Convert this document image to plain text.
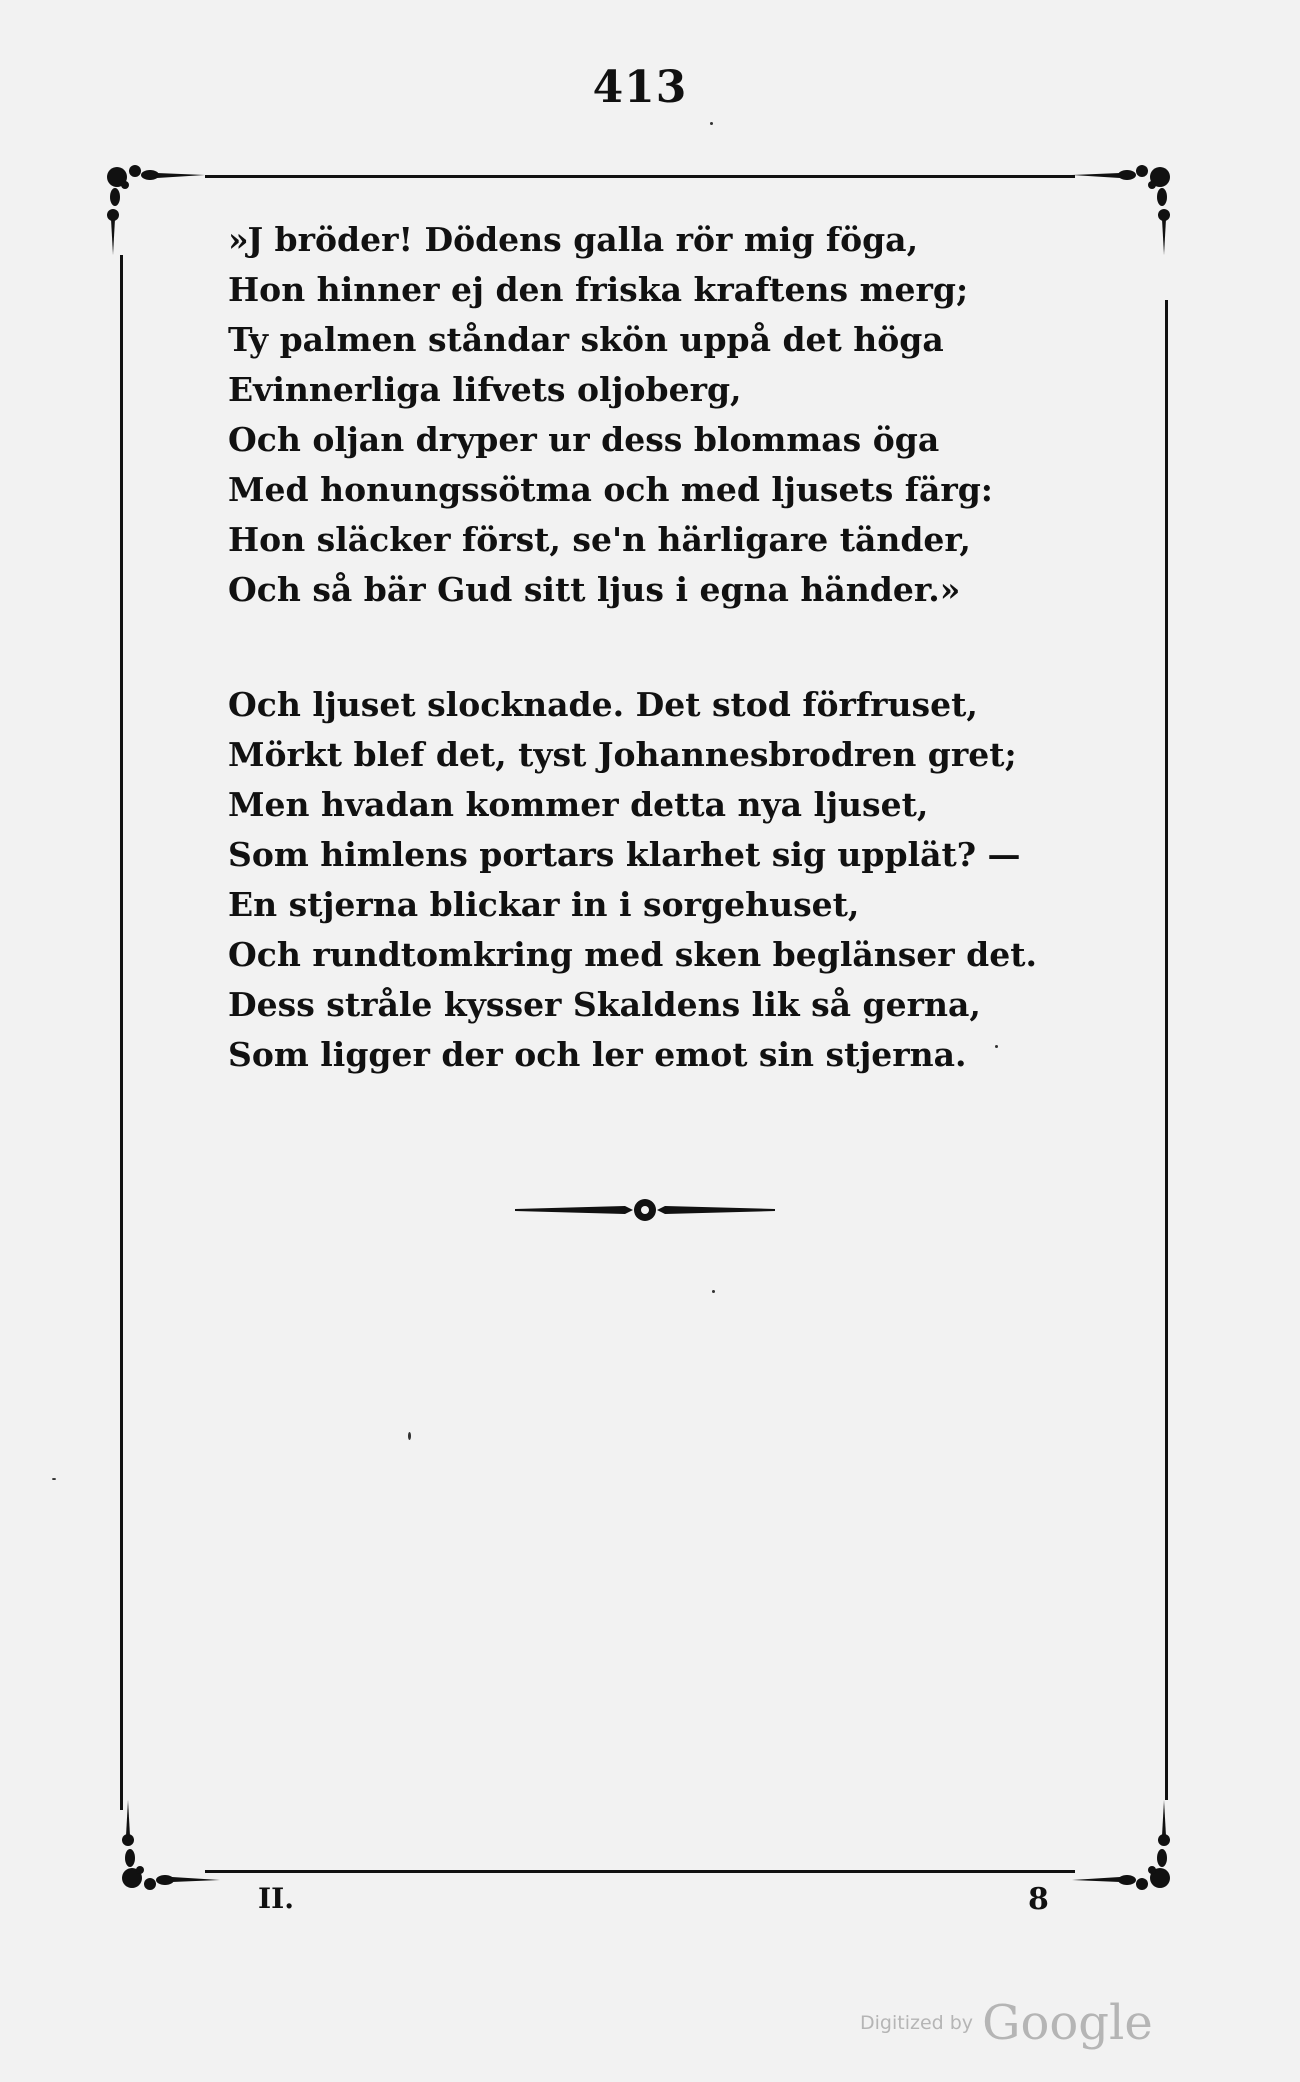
413
»J bröder! Dödens galla rör mig föga,
Hon hinner ej den friska kraftens merg;
Ty palmen ståndar skön uppå det höga
Evinnerliga lifvets oljoberg,
Och oljan dryper ur dess blommas öga
Med honungssötma och med ljusets färg:
Hon släcker först, se'n härligare tänder,
Och så bär Gud sitt ljus i egna händer.»
Och ljuset slocknade. Det stod förfruset,
Mörkt blef det, tyst Johannesbrodren gret;
Men hvadan kommer detta nya ljuset,
Som himlens portars klarhet sig upplät? —
En stjerna blickar in i sorgehuset,
Och rundtomkring med sken beglänser det.
Dess stråle kysser Skaldens lik så gerna,
Som ligger der och ler emot sin stjerna.
II.	8
Digitized by Google
